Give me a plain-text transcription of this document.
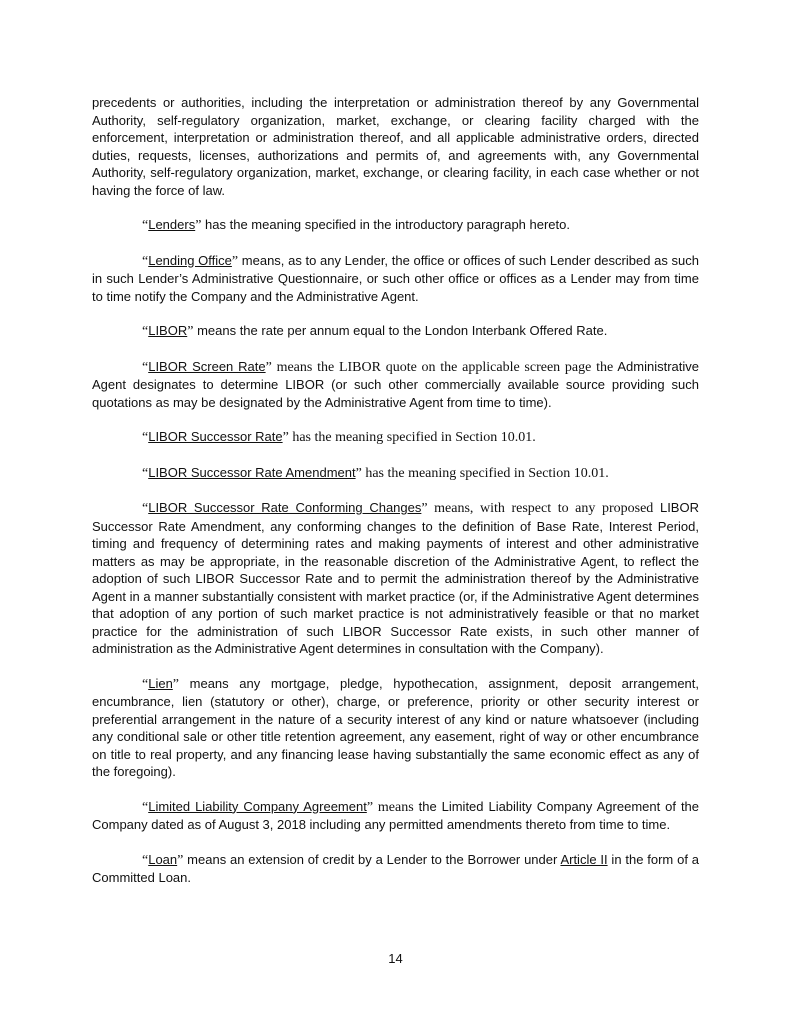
precedents or authorities, including the interpretation or administration thereof by any Governmental Authority, self-regulatory organization, market, exchange, or clearing facility charged with the enforcement, interpretation or administration thereof, and all applicable administrative orders, directed duties, requests, licenses, authorizations and permits of, and agreements with, any Governmental Authority, self-regulatory organization, market, exchange, or clearing facility, in each case whether or not having the force of law.

“Lenders” has the meaning specified in the introductory paragraph hereto.

“Lending Office” means, as to any Lender, the office or offices of such Lender described as such in such Lender’s Administrative Questionnaire, or such other office or offices as a Lender may from time to time notify the Company and the Administrative Agent.

“LIBOR” means the rate per annum equal to the London Interbank Offered Rate.

“LIBOR Screen Rate” means the LIBOR quote on the applicable screen page the Administrative Agent designates to determine LIBOR (or such other commercially available source providing such quotations as may be designated by the Administrative Agent from time to time).

“LIBOR Successor Rate” has the meaning specified in Section 10.01.

“LIBOR Successor Rate Amendment” has the meaning specified in Section 10.01.

“LIBOR Successor Rate Conforming Changes” means, with respect to any proposed LIBOR Successor Rate Amendment, any conforming changes to the definition of Base Rate, Interest Period, timing and frequency of determining rates and making payments of interest and other administrative matters as may be appropriate, in the reasonable discretion of the Administrative Agent, to reflect the adoption of such LIBOR Successor Rate and to permit the administration thereof by the Administrative Agent in a manner substantially consistent with market practice (or, if the Administrative Agent determines that adoption of any portion of such market practice is not administratively feasible or that no market practice for the administration of such LIBOR Successor Rate exists, in such other manner of administration as the Administrative Agent determines in consultation with the Company).

“Lien” means any mortgage, pledge, hypothecation, assignment, deposit arrangement, encumbrance, lien (statutory or other), charge, or preference, priority or other security interest or preferential arrangement in the nature of a security interest of any kind or nature whatsoever (including any conditional sale or other title retention agreement, any easement, right of way or other encumbrance on title to real property, and any financing lease having substantially the same economic effect as any of the foregoing).

“Limited Liability Company Agreement” means the Limited Liability Company Agreement of the Company dated as of August 3, 2018 including any permitted amendments thereto from time to time.

“Loan” means an extension of credit by a Lender to the Borrower under Article II in the form of a Committed Loan.

14
